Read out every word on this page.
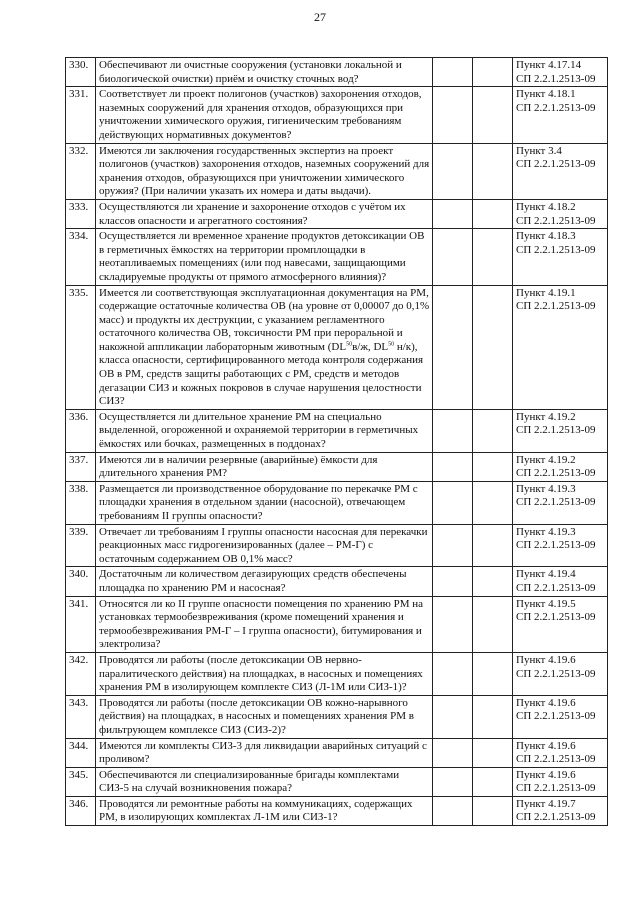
27
330.	Обеспечивают ли очистные сооружения (установки локальной и биологической очистки) приём и очистку сточных вод?			Пункт 4.17.14
СП 2.2.1.2513-09

331.	Соответствует ли проект полигонов (участков) захоронения отходов, наземных сооружений для хранения отходов, образующихся при уничтожении химического оружия, гигиеническим требованиям действующих нормативных документов?			Пункт 4.18.1
СП 2.2.1.2513-09

332.	Имеются ли заключения государственных экспертиз на проект полигонов (участков) захоронения отходов, наземных сооружений для хранения отходов, образующихся при уничтожении химического оружия? (При наличии указать их номера и даты выдачи).			Пункт 3.4
СП 2.2.1.2513-09

333.	Осуществляются ли хранение и захоронение отходов с учётом их классов опасности и агрегатного состояния?			Пункт 4.18.2
СП 2.2.1.2513-09

334.	Осуществляется ли временное хранение продуктов детоксикации ОВ в герметичных ёмкостях на территории промплощадки в неотапливаемых помещениях (или под навесами, защищающими складируемые продукты от прямого атмосферного влияния)?			Пункт 4.18.3
СП 2.2.1.2513-09

335.	Имеется ли соответствующая эксплуатационная документация на РМ, содержащие остаточные количества ОВ (на уровне от 0,00007 до 0,1% масс) и продукты их деструкции, с указанием регламентного остаточного количества ОВ, токсичности РМ при пероральной и накожной аппликации лабораторным животным (DL$^{50}$в/ж, DL$^{50}$ н/к), класса опасности, сертифицированного метода контроля содержания ОВ в РМ, средств защиты работающих с РМ, средств и методов дегазации СИЗ и кожных покровов в случае нарушения целостности СИЗ?			Пункт 4.19.1
СП 2.2.1.2513-09

336.	Осуществляется ли длительное хранение РМ на специально выделенной, огороженной и охраняемой территории в герметичных ёмкостях или бочках, размещенных в поддонах?			Пункт 4.19.2
СП 2.2.1.2513-09

337.	Имеются ли в наличии резервные (аварийные) ёмкости для длительного хранения РМ?			Пункт 4.19.2
СП 2.2.1.2513-09

338.	Размещается ли производственное оборудование по перекачке РМ с площадки хранения в отдельном здании (насосной), отвечающем требованиям II группы опасности?			Пункт 4.19.3
СП 2.2.1.2513-09

339.	Отвечает ли требованиям I группы опасности насосная для перекачки реакционных масс гидрогенизированных (далее – РМ-Г) с остаточным содержанием ОВ 0,1% масс?			Пункт 4.19.3
СП 2.2.1.2513-09

340.	Достаточным ли количеством дегазирующих средств обеспечены площадка по хранению РМ и насосная?			Пункт 4.19.4
СП 2.2.1.2513-09

341.	Относятся ли ко II группе опасности помещения по хранению РМ на установках термообезвреживания (кроме помещений хранения и термообезвреживания РМ-Г – I группа опасности), битумирования и электролиза?			Пункт 4.19.5
СП 2.2.1.2513-09

342.	Проводятся ли работы (после детоксикации ОВ нервно-паралитического действия) на площадках, в насосных и помещениях хранения РМ в изолирующем комплекте СИЗ (Л-1М или СИЗ-1)?			Пункт 4.19.6
СП 2.2.1.2513-09

343.	Проводятся ли работы (после детоксикации ОВ кожно-нарывного действия) на площадках, в насосных и помещениях хранения РМ в фильтрующем комплексе СИЗ (СИЗ-2)?			Пункт 4.19.6
СП 2.2.1.2513-09

344.	Имеются ли комплекты СИЗ-3 для ликвидации аварийных ситуаций с проливом?			Пункт 4.19.6
СП 2.2.1.2513-09

345.	Обеспечиваются ли специализированные бригады комплектами СИЗ-5 на случай возникновения пожара?			Пункт 4.19.6
СП 2.2.1.2513-09

346.	Проводятся ли ремонтные работы на коммуникациях, содержащих РМ, в изолирующих комплектах Л-1М или СИЗ-1?			Пункт 4.19.7
СП 2.2.1.2513-09
